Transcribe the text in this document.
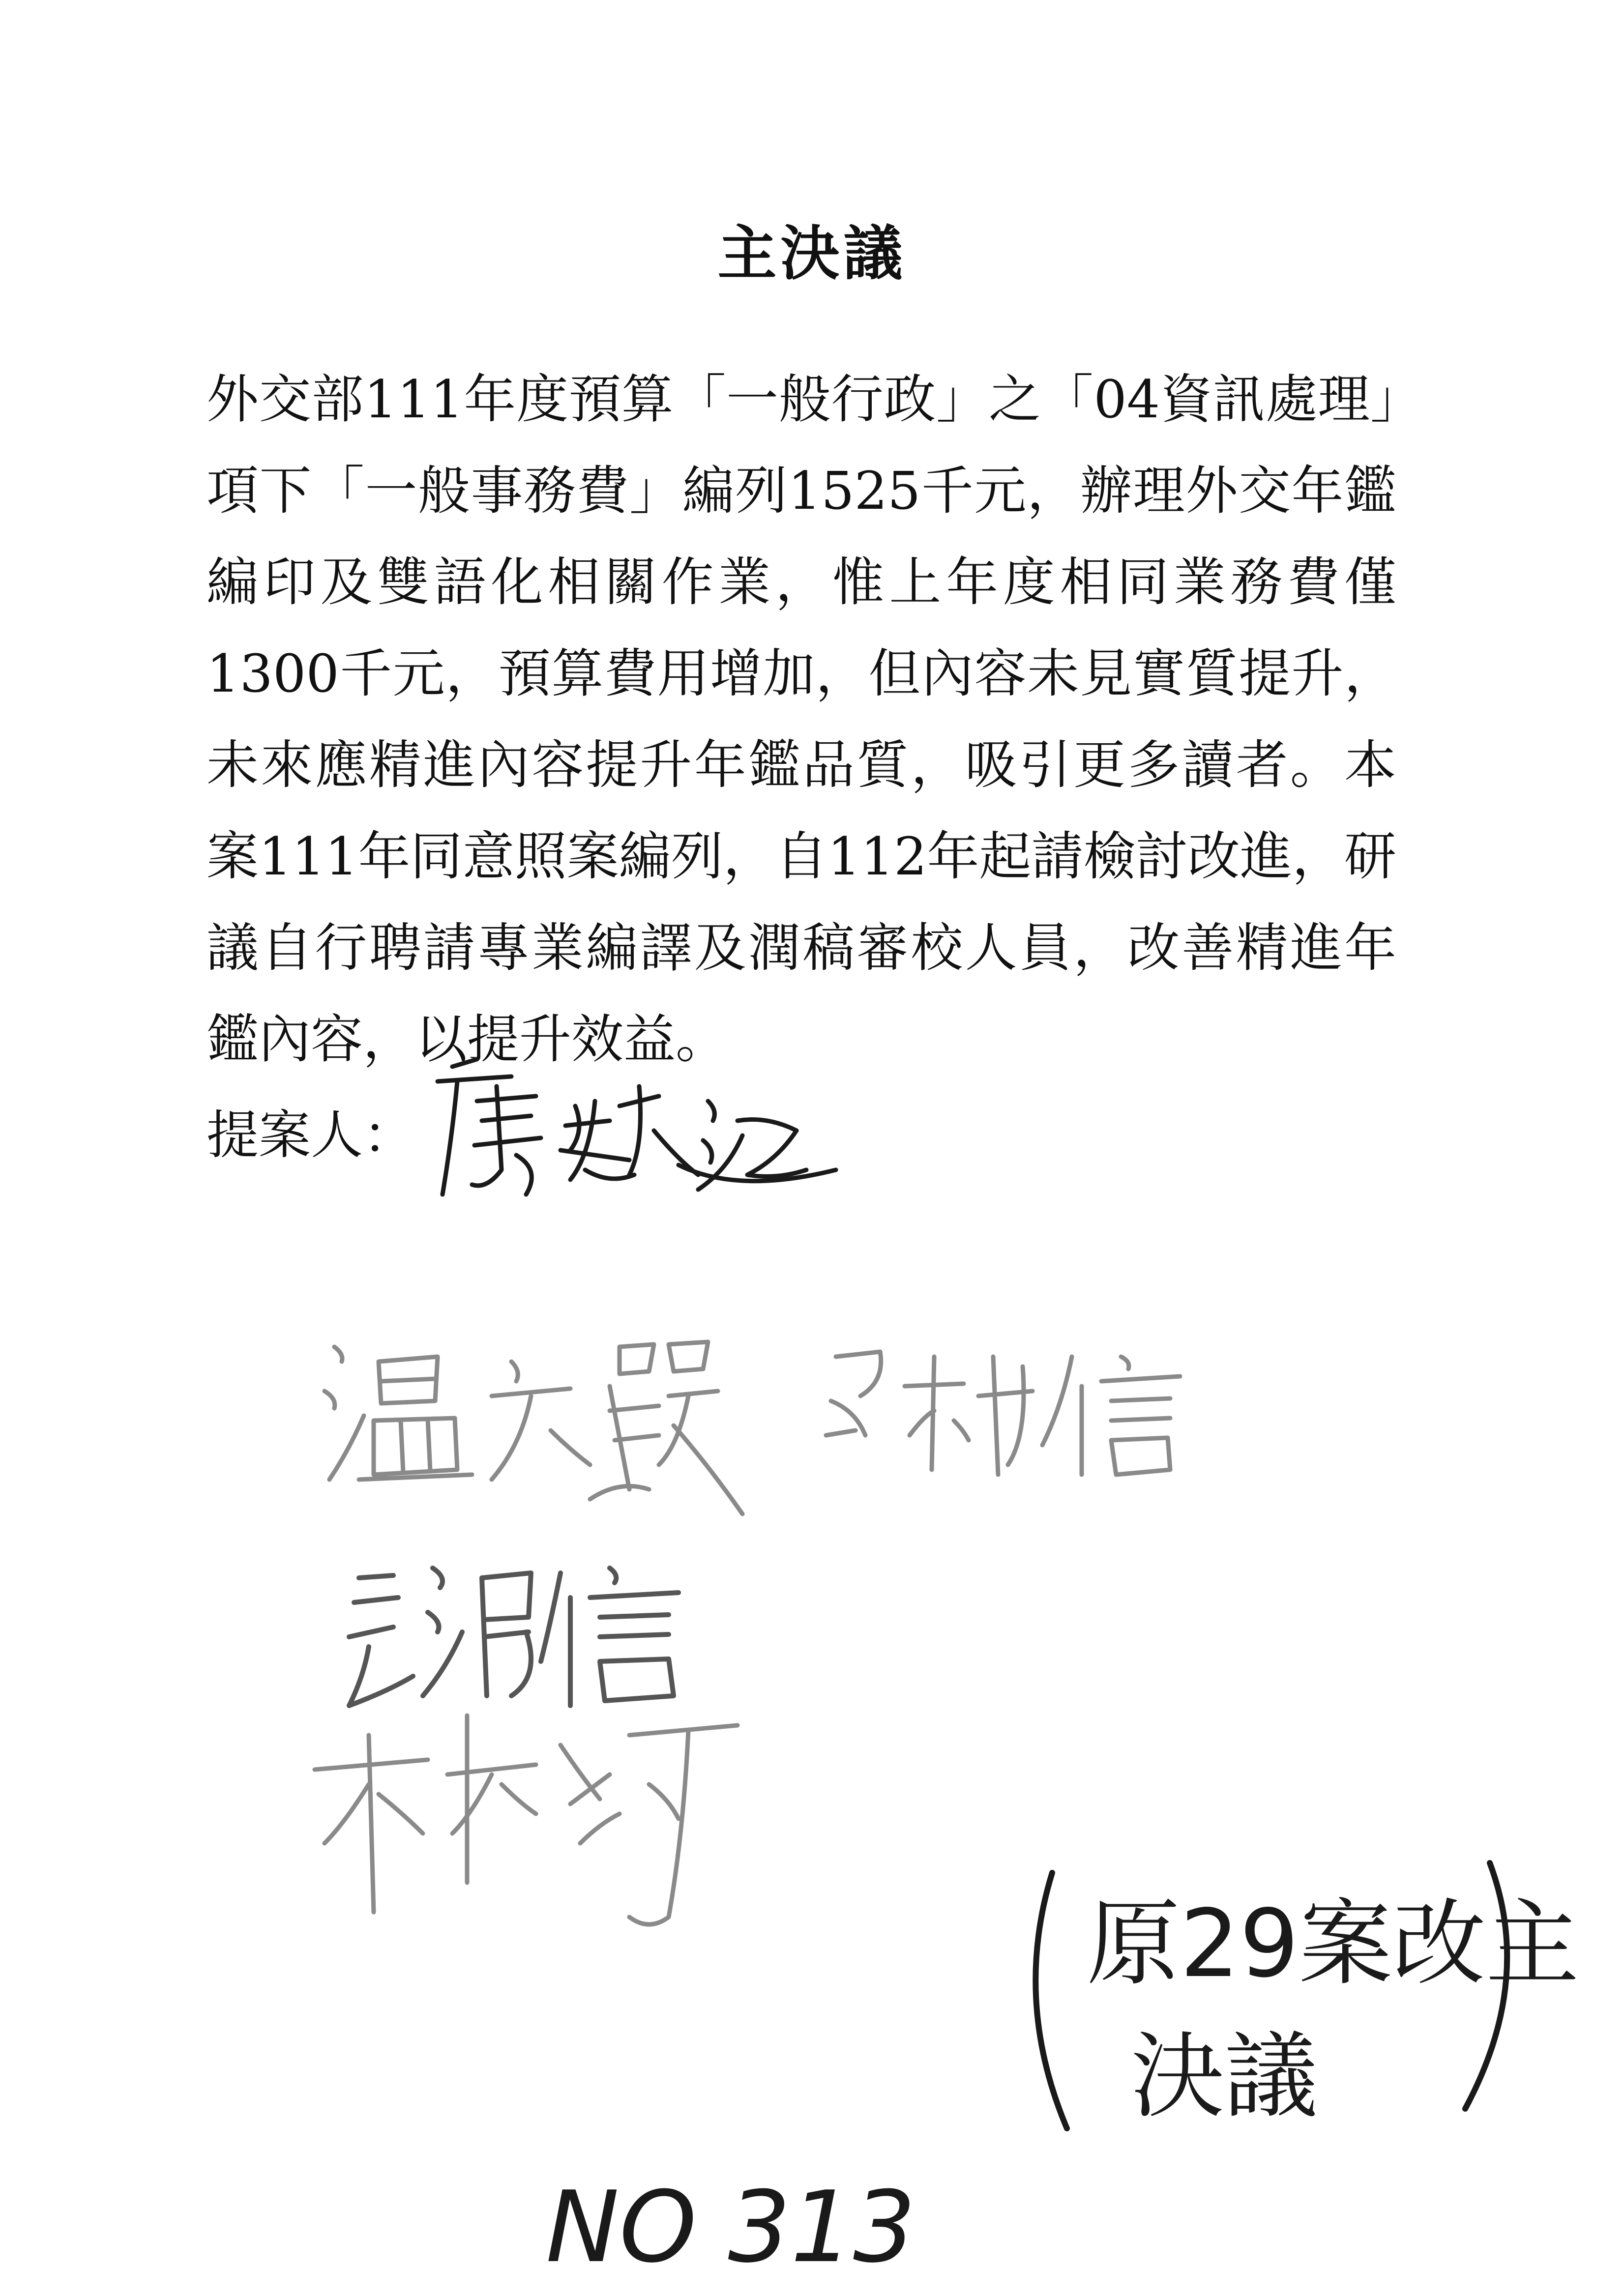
主決議

外交部111年度預算「一般行政」之「04資訊處理」項下「一般事務費」編列1525千元，辦理外交年鑑編印及雙語化相關作業，惟上年度相同業務費僅1300千元，預算費用增加，但內容未見實質提升，未來應精進內容提升年鑑品質，吸引更多讀者。本案111年同意照案編列，自112年起請檢討改進，研議自行聘請專業編譯及潤稿審校人員，改善精進年鑑內容，以提升效益。

提案人：
原29案改主
決議
NO 313
